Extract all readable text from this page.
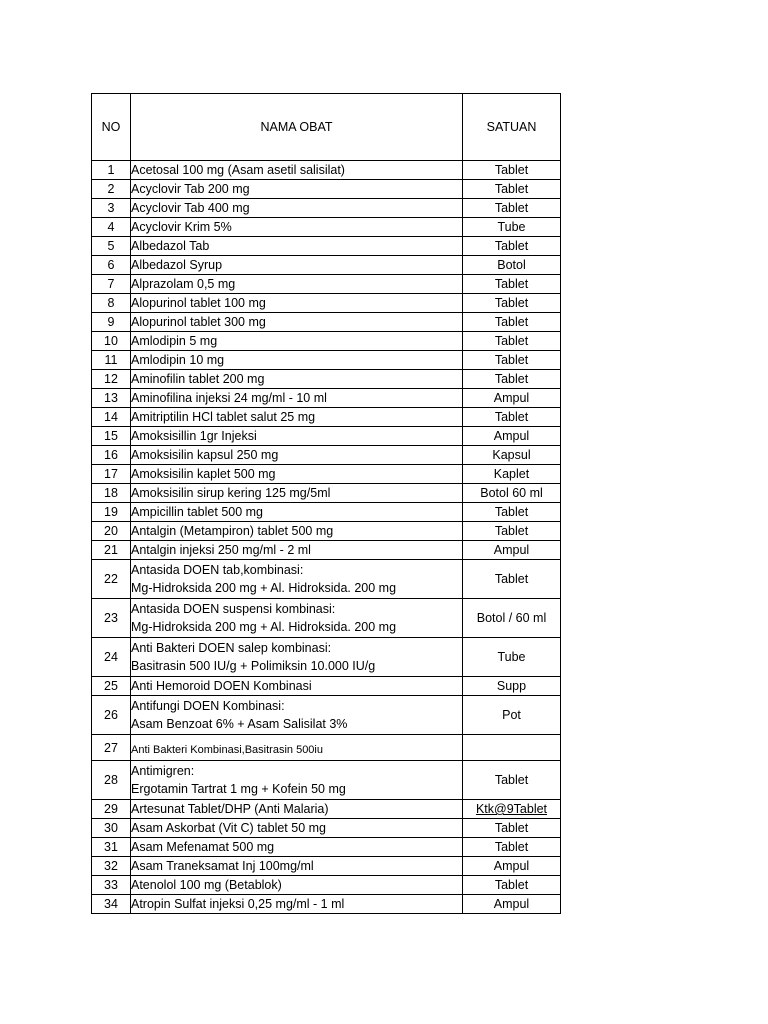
NO	NAMA OBAT	SATUAN
1	Acetosal 100 mg (Asam asetil salisilat)	Tablet
2	Acyclovir Tab 200 mg	Tablet
3	Acyclovir Tab 400 mg	Tablet
4	Acyclovir Krim 5%	Tube
5	Albedazol Tab	Tablet
6	Albedazol Syrup	Botol
7	Alprazolam 0,5 mg	Tablet
8	Alopurinol tablet 100 mg	Tablet
9	Alopurinol tablet 300 mg	Tablet
10	Amlodipin 5 mg	Tablet
11	Amlodipin 10 mg	Tablet
12	Aminofilin tablet 200 mg	Tablet
13	Aminofilina injeksi 24 mg/ml - 10 ml	Ampul
14	Amitriptilin HCl tablet salut 25 mg	Tablet
15	Amoksisillin 1gr Injeksi	Ampul
16	Amoksisilin kapsul 250 mg	Kapsul
17	Amoksisilin kaplet 500 mg	Kaplet
18	Amoksisilin sirup kering 125 mg/5ml	Botol 60 ml
19	Ampicillin tablet 500 mg	Tablet
20	Antalgin (Metampiron) tablet 500 mg	Tablet
21	Antalgin injeksi 250 mg/ml - 2 ml	Ampul
22	Antasida DOEN tab,kombinasi:
Mg-Hidroksida 200 mg + Al. Hidroksida. 200 mg	Tablet
23	Antasida DOEN suspensi kombinasi:
Mg-Hidroksida 200 mg + Al. Hidroksida. 200 mg	Botol / 60 ml
24	Anti Bakteri DOEN salep kombinasi:
Basitrasin 500 IU/g + Polimiksin 10.000 IU/g	Tube
25	Anti Hemoroid DOEN Kombinasi	Supp
26	Antifungi DOEN Kombinasi:
Asam Benzoat 6% + Asam Salisilat 3%	Pot
27	Anti Bakteri Kombinasi,Basitrasin 500iu	

28	Antimigren:
Ergotamin Tartrat 1 mg + Kofein 50 mg	Tablet
29	Artesunat Tablet/DHP (Anti Malaria)	Ktk@9Tablet
30	Asam Askorbat (Vit C) tablet 50 mg	Tablet
31	Asam Mefenamat 500 mg	Tablet
32	Asam Traneksamat Inj 100mg/ml	Ampul
33	Atenolol 100 mg (Betablok)	Tablet
34	Atropin Sulfat injeksi 0,25 mg/ml - 1 ml	Ampul
